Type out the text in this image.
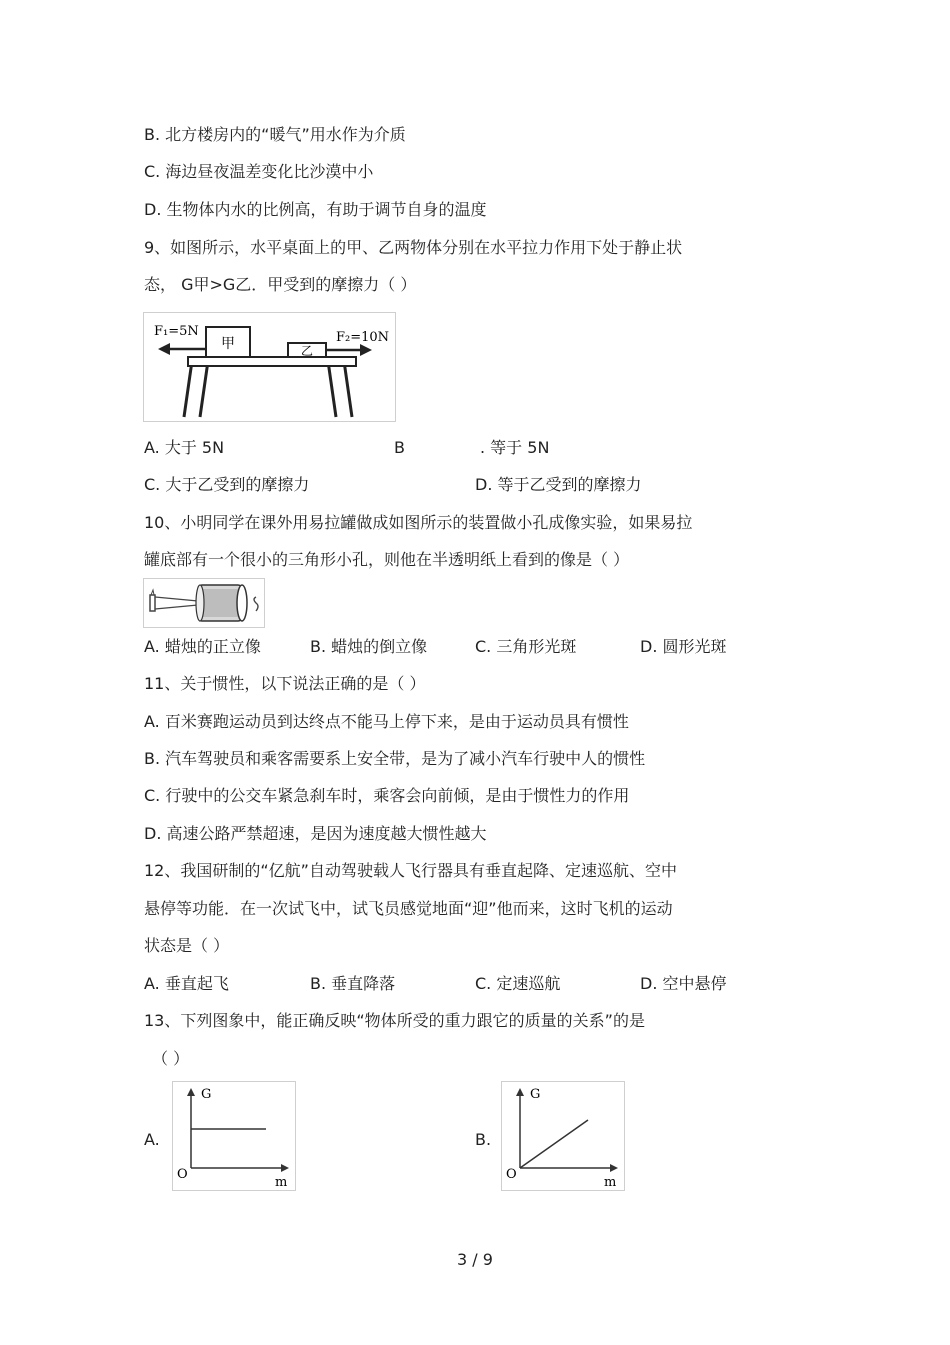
B. 北方楼房内的“暖气”用水作为介质
C. 海边昼夜温差变化比沙漠中小
D. 生物体内水的比例高，有助于调节自身的温度
9、如图所示，水平桌面上的甲、乙两物体分别在水平拉力作用下处于静止状
态， G甲>G乙．甲受到的摩擦力（ ）
甲	乙
F₁=5N	F₂=10N
A. 大于 5N	B	. 等于 5N
C. 大于乙受到的摩擦力	D. 等于乙受到的摩擦力
10、小明同学在课外用易拉罐做成如图所示的装置做小孔成像实验，如果易拉
罐底部有一个很小的三角形小孔，则他在半透明纸上看到的像是（ ）
A. 蜡烛的正立像	B. 蜡烛的倒立像	C. 三角形光斑	D. 圆形光斑
11、关于惯性，以下说法正确的是（ ）
A. 百米赛跑运动员到达终点不能马上停下来，是由于运动员具有惯性
B. 汽车驾驶员和乘客需要系上安全带，是为了减小汽车行驶中人的惯性
C. 行驶中的公交车紧急刹车时，乘客会向前倾，是由于惯性力的作用
D. 高速公路严禁超速，是因为速度越大惯性越大
12、我国研制的“亿航”自动驾驶载人飞行器具有垂直起降、定速巡航、空中
悬停等功能．在一次试飞中，试飞员感觉地面“迎”他而来，这时飞机的运动
状态是（ ）
A. 垂直起飞	B. 垂直降落	C. 定速巡航	D. 空中悬停
13、下列图象中，能正确反映“物体所受的重力跟它的质量的关系”的是
（ ）
A.
G
O
m
B.
G
O
m
3 / 9
